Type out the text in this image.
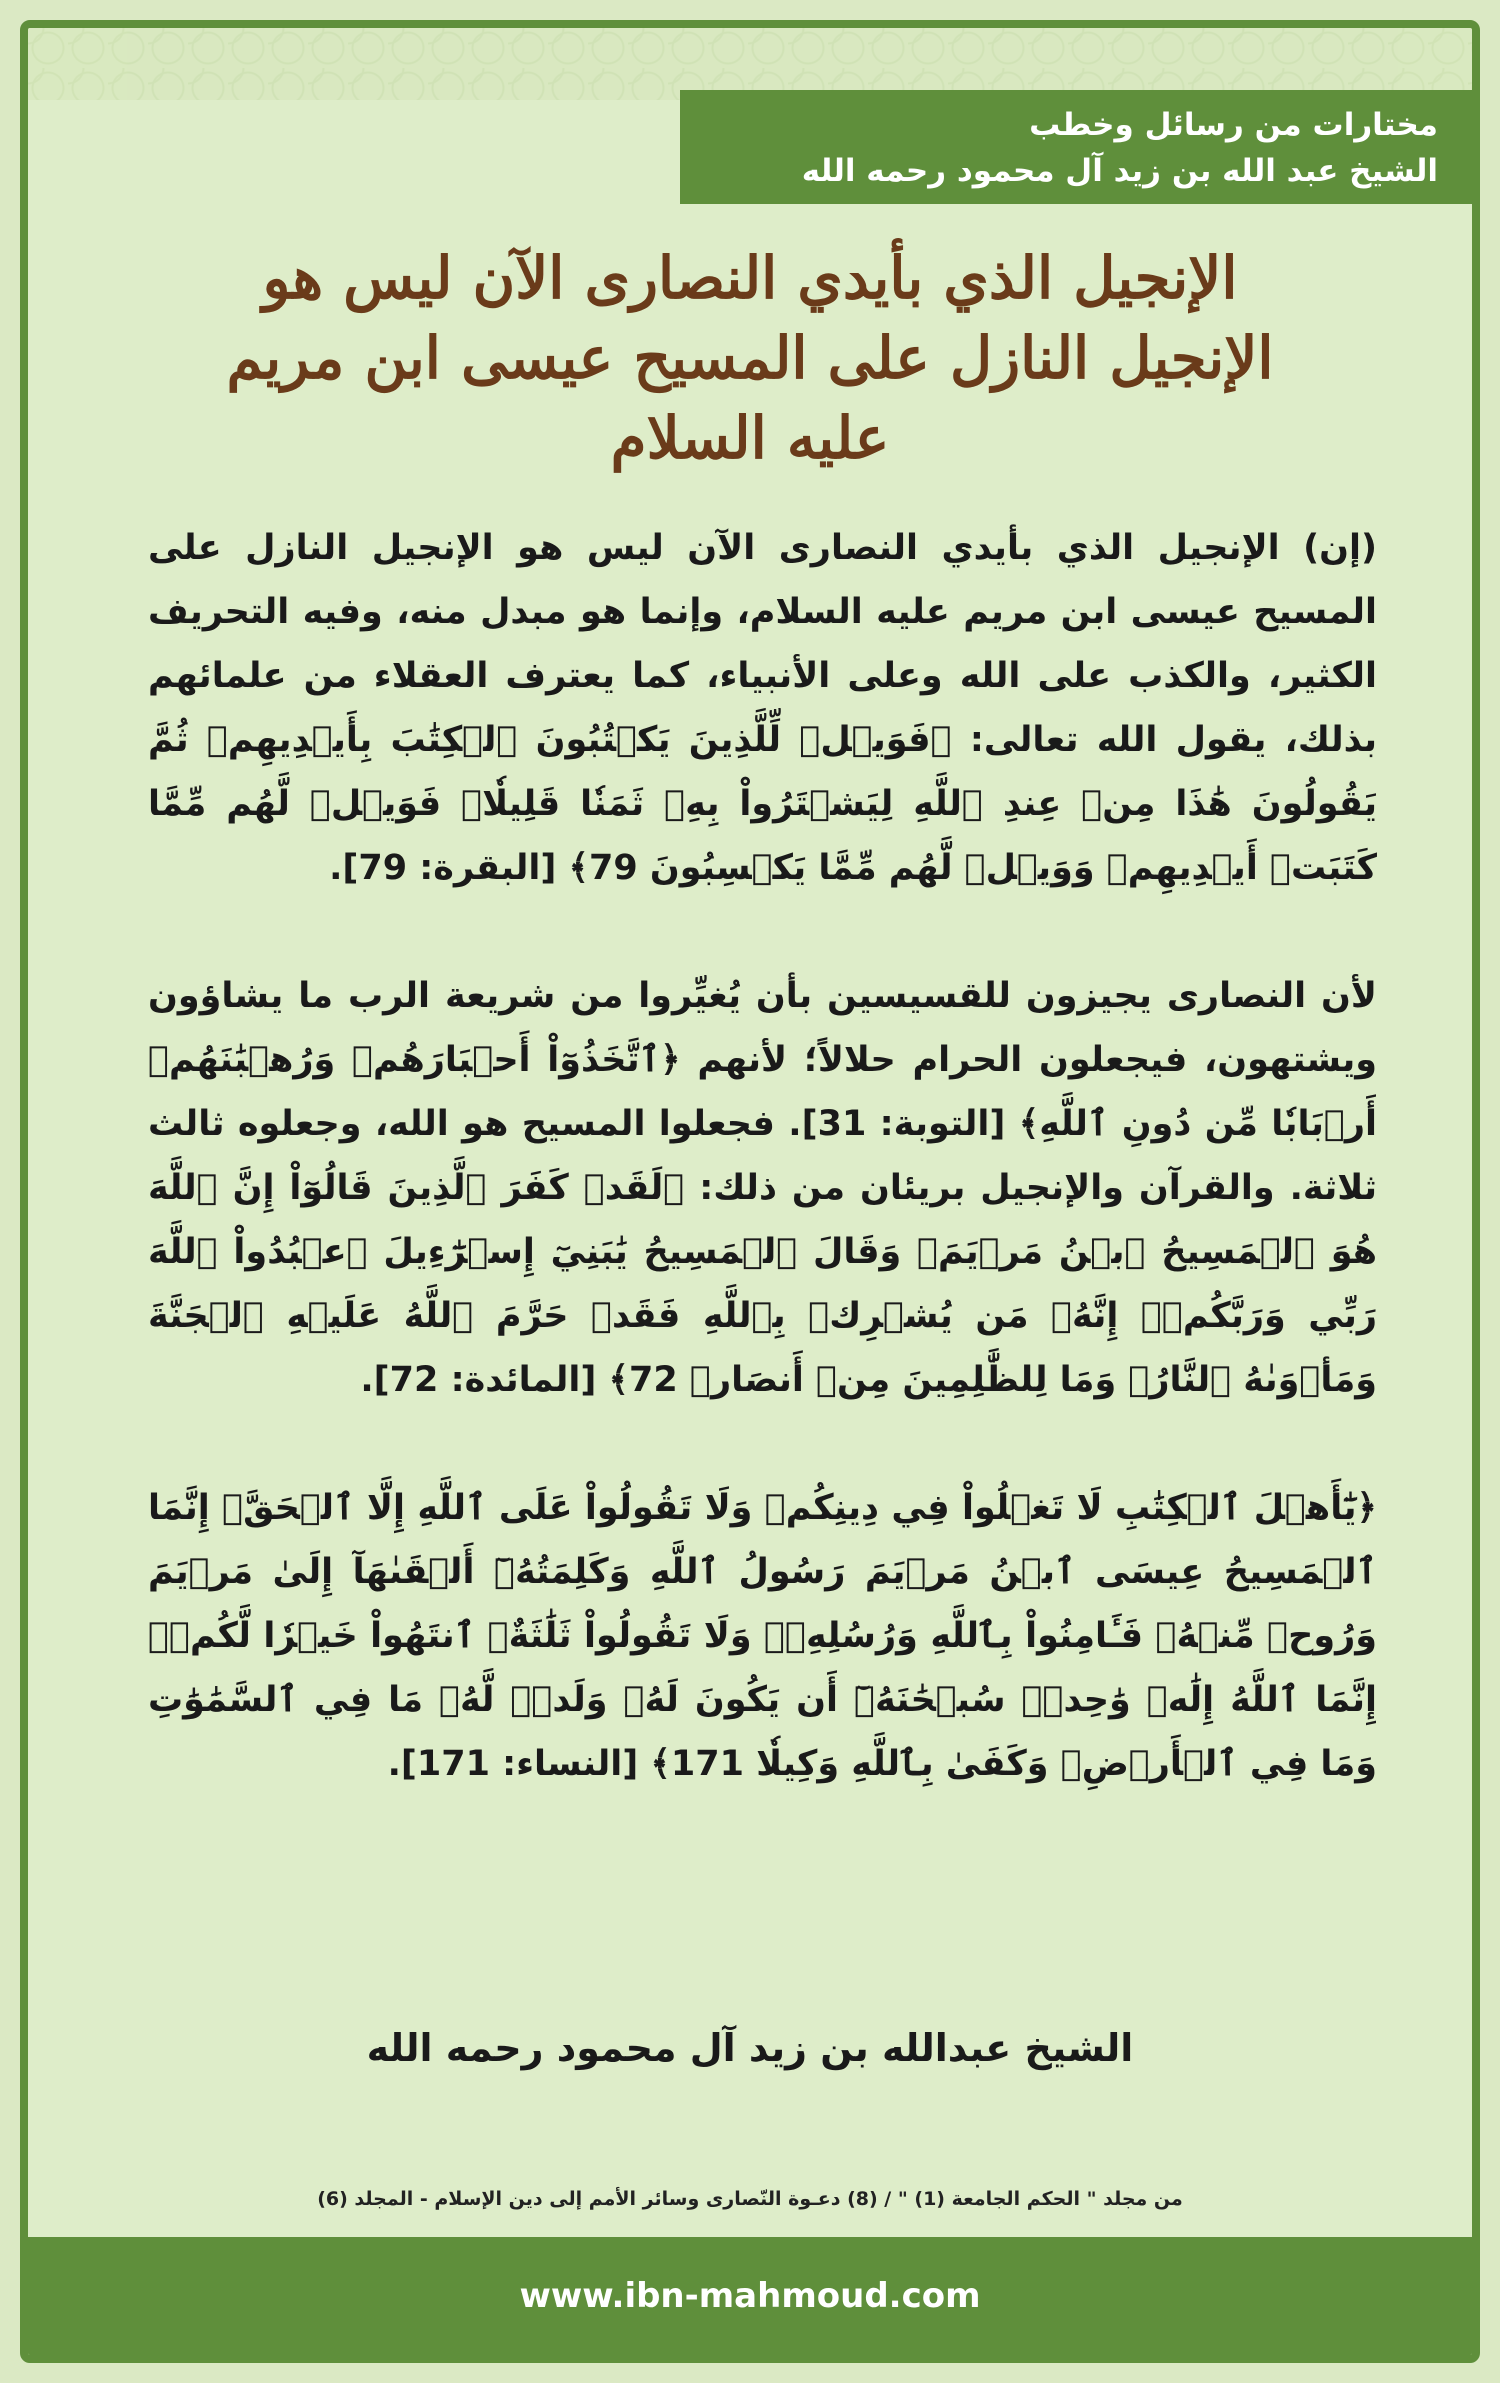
مختارات من رسائل وخطب
الشيخ عبد الله بن زيد آل محمود رحمه الله
الإنجيل الذي بأيدي النصارى الآن ليس هو
الإنجيل النازل على المسيح عيسى ابن مريم
عليه السلام

(إن) الإنجيل الذي بأيدي النصارى الآن ليس هو الإنجيل النازل على المسيح عيسى ابن مريم عليه السلام، وإنما هو مبدل منه، وفيه التحريف الكثير، والكذب على الله وعلى الأنبياء، كما يعترف العقلاء من علمائهم بذلك، يقول الله تعالى: ﴿فَوَيۡلٞ لِّلَّذِينَ يَكۡتُبُونَ ٱلۡكِتَٰبَ بِأَيۡدِيهِمۡ ثُمَّ يَقُولُونَ هَٰذَا مِنۡ عِندِ ٱللَّهِ لِيَشۡتَرُواْ بِهِۦ ثَمَنٗا قَلِيلٗاۖ فَوَيۡلٞ لَّهُم مِّمَّا كَتَبَتۡ أَيۡدِيهِمۡ وَوَيۡلٞ لَّهُم مِّمَّا يَكۡسِبُونَ 79﴾ [البقرة: 79].

لأن النصارى يجيزون للقسيسين بأن يُغيِّروا من شريعة الرب ما يشاؤون ويشتهون، فيجعلون الحرام حلالاً؛ لأنهم ﴿ٱتَّخَذُوٓاْ أَحۡبَارَهُمۡ وَرُهۡبَٰنَهُمۡ أَرۡبَابٗا مِّن دُونِ ٱللَّهِ﴾ [التوبة: 31]. فجعلوا المسيح هو الله، وجعلوه ثالث ثلاثة. والقرآن والإنجيل بريئان من ذلك: ﴿لَقَدۡ كَفَرَ ٱلَّذِينَ قَالُوٓاْ إِنَّ ٱللَّهَ هُوَ ٱلۡمَسِيحُ ٱبۡنُ مَرۡيَمَۖ وَقَالَ ٱلۡمَسِيحُ يَٰبَنِيٓ إِسۡرَٰٓءِيلَ ٱعۡبُدُواْ ٱللَّهَ رَبِّي وَرَبَّكُمۡۖ إِنَّهُۥ مَن يُشۡرِكۡ بِٱللَّهِ فَقَدۡ حَرَّمَ ٱللَّهُ عَلَيۡهِ ٱلۡجَنَّةَ وَمَأۡوَىٰهُ ٱلنَّارُۖ وَمَا لِلظَّٰلِمِينَ مِنۡ أَنصَارٖ 72﴾ [المائدة: 72].

﴿يَٰٓأَهۡلَ ٱلۡكِتَٰبِ لَا تَغۡلُواْ فِي دِينِكُمۡ وَلَا تَقُولُواْ عَلَى ٱللَّهِ إِلَّا ٱلۡحَقَّۚ إِنَّمَا ٱلۡمَسِيحُ عِيسَى ٱبۡنُ مَرۡيَمَ رَسُولُ ٱللَّهِ وَكَلِمَتُهُۥٓ أَلۡقَىٰهَآ إِلَىٰ مَرۡيَمَ وَرُوحٞ مِّنۡهُۖ فَـَٔامِنُواْ بِٱللَّهِ وَرُسُلِهِۦۖ وَلَا تَقُولُواْ ثَلَٰثَةٌۚ ٱنتَهُواْ خَيۡرٗا لَّكُمۡۚ إِنَّمَا ٱللَّهُ إِلَٰهٞ وَٰحِدٞۖ سُبۡحَٰنَهُۥٓ أَن يَكُونَ لَهُۥ وَلَدٞۘ لَّهُۥ مَا فِي ٱلسَّمَٰوَٰتِ وَمَا فِي ٱلۡأَرۡضِۗ وَكَفَىٰ بِٱللَّهِ وَكِيلٗا 171﴾ [النساء: 171].

الشيخ عبدالله بن زيد آل محمود رحمه الله
من مجلد " الحكم الجامعة (1) " / (8) دعـوة النّصارى وسائر الأمم إلى دين الإسلام - المجلد (6)
www.ibn-mahmoud.com
